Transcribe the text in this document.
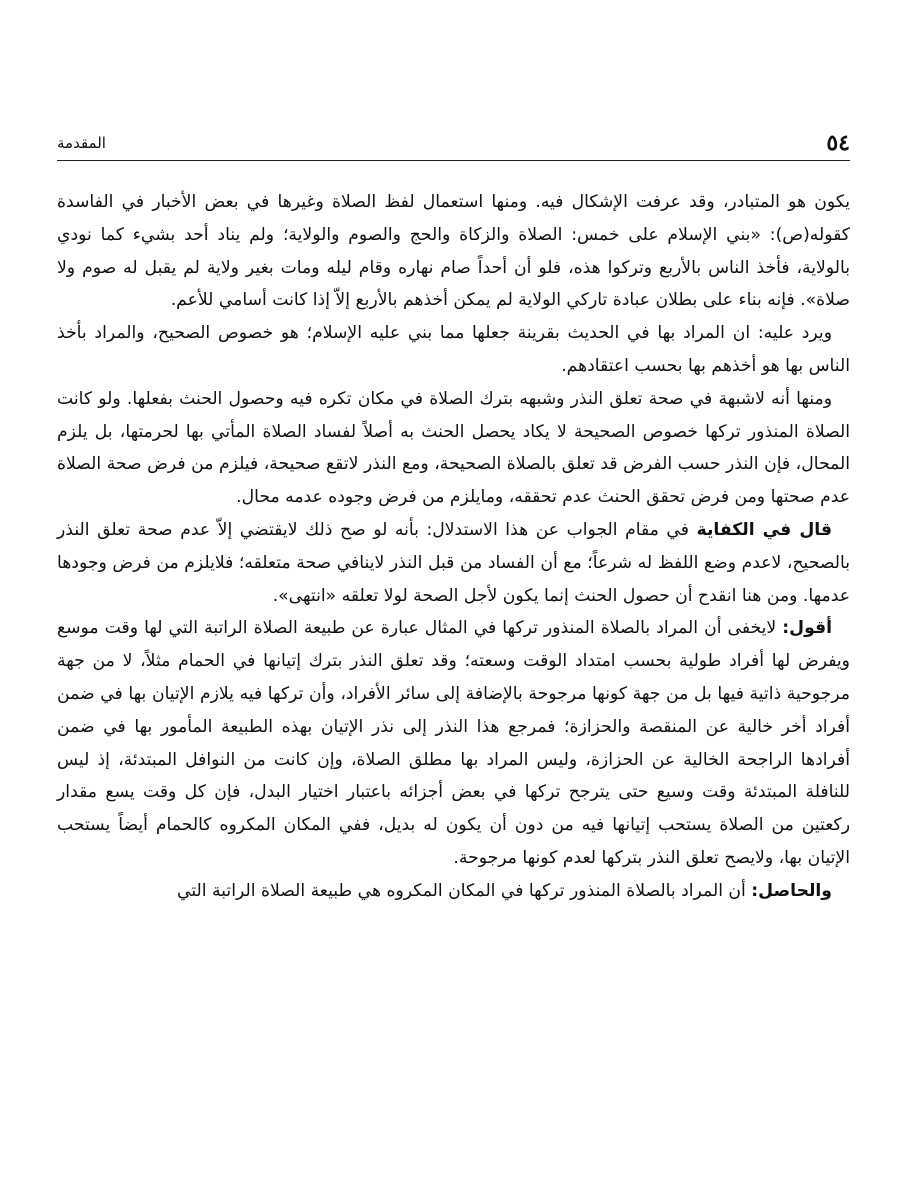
٥٤
المقدمة

يكون هو المتبادر، وقد عرفت الإشكال فيه. ومنها استعمال لفظ الصلاة وغيرها في بعض الأخبار في الفاسدة كقوله(ص): «بني الإسلام على خمس: الصلاة والزكاة والحج والصوم والولاية؛ ولم يناد أحد بشيء كما نودي بالولاية، فأخذ الناس بالأربع وتركوا هذه، فلو أن أحداً صام نهاره وقام ليله ومات بغير ولاية لم يقبل له صوم ولا صلاة». فإنه بناء على بطلان عبادة تاركي الولاية لم يمكن أخذهم بالأربع إلاّ إذا كانت أسامي للأعم.

ويرد عليه: ان المراد بها في الحديث بقرينة جعلها مما بني عليه الإسلام؛ هو خصوص الصحيح، والمراد بأخذ الناس بها هو أخذهم بها بحسب اعتقادهم.

ومنها أنه لاشبهة في صحة تعلق النذر وشبهه بترك الصلاة في مكان تكره فيه وحصول الحنث بفعلها. ولو كانت الصلاة المنذور تركها خصوص الصحيحة لا يكاد يحصل الحنث به أصلاً لفساد الصلاة المأتي بها لحرمتها، بل يلزم المحال، فإن النذر حسب الفرض قد تعلق بالصلاة الصحيحة، ومع النذر لاتقع صحيحة، فيلزم من فرض صحة الصلاة عدم صحتها ومن فرض تحقق الحنث عدم تحققه، ومايلزم من فرض وجوده عدمه محال.

قال في الكفاية في مقام الجواب عن هذا الاستدلال: بأنه لو صح ذلك لايقتضي إلاّ عدم صحة تعلق النذر بالصحيح، لاعدم وضع اللفظ له شرعاً؛ مع أن الفساد من قبل النذر لاينافي صحة متعلقه؛ فلايلزم من فرض وجودها عدمها. ومن هنا انقدح أن حصول الحنث إنما يكون لأجل الصحة لولا تعلقه «انتهى».

أقول: لايخفى أن المراد بالصلاة المنذور تركها في المثال عبارة عن طبيعة الصلاة الراتبة التي لها وقت موسع ويفرض لها أفراد طولية بحسب امتداد الوقت وسعته؛ وقد تعلق النذر بترك إتيانها في الحمام مثلاً، لا من جهة مرجوحية ذاتية فيها بل من جهة كونها مرجوحة بالإضافة إلى سائر الأفراد، وأن تركها فيه يلازم الإتيان بها في ضمن أفراد أخر خالية عن المنقصة والحزازة؛ فمرجع هذا النذر إلى نذر الإتيان بهذه الطبيعة المأمور بها في ضمن أفرادها الراجحة الخالية عن الحزازة، وليس المراد بها مطلق الصلاة، وإن كانت من النوافل المبتدئة، إذ ليس للنافلة المبتدئة وقت وسيع حتى يترجح تركها في بعض أجزائه باعتبار اختيار البدل، فإن كل وقت يسع مقدار ركعتين من الصلاة يستحب إتيانها فيه من دون أن يكون له بديل، ففي المكان المكروه كالحمام أيضاً يستحب الإتيان بها، ولايصح تعلق النذر بتركها لعدم كونها مرجوحة.

والحاصل: أن المراد بالصلاة المنذور تركها في المكان المكروه هي طبيعة الصلاة الراتبة التي
